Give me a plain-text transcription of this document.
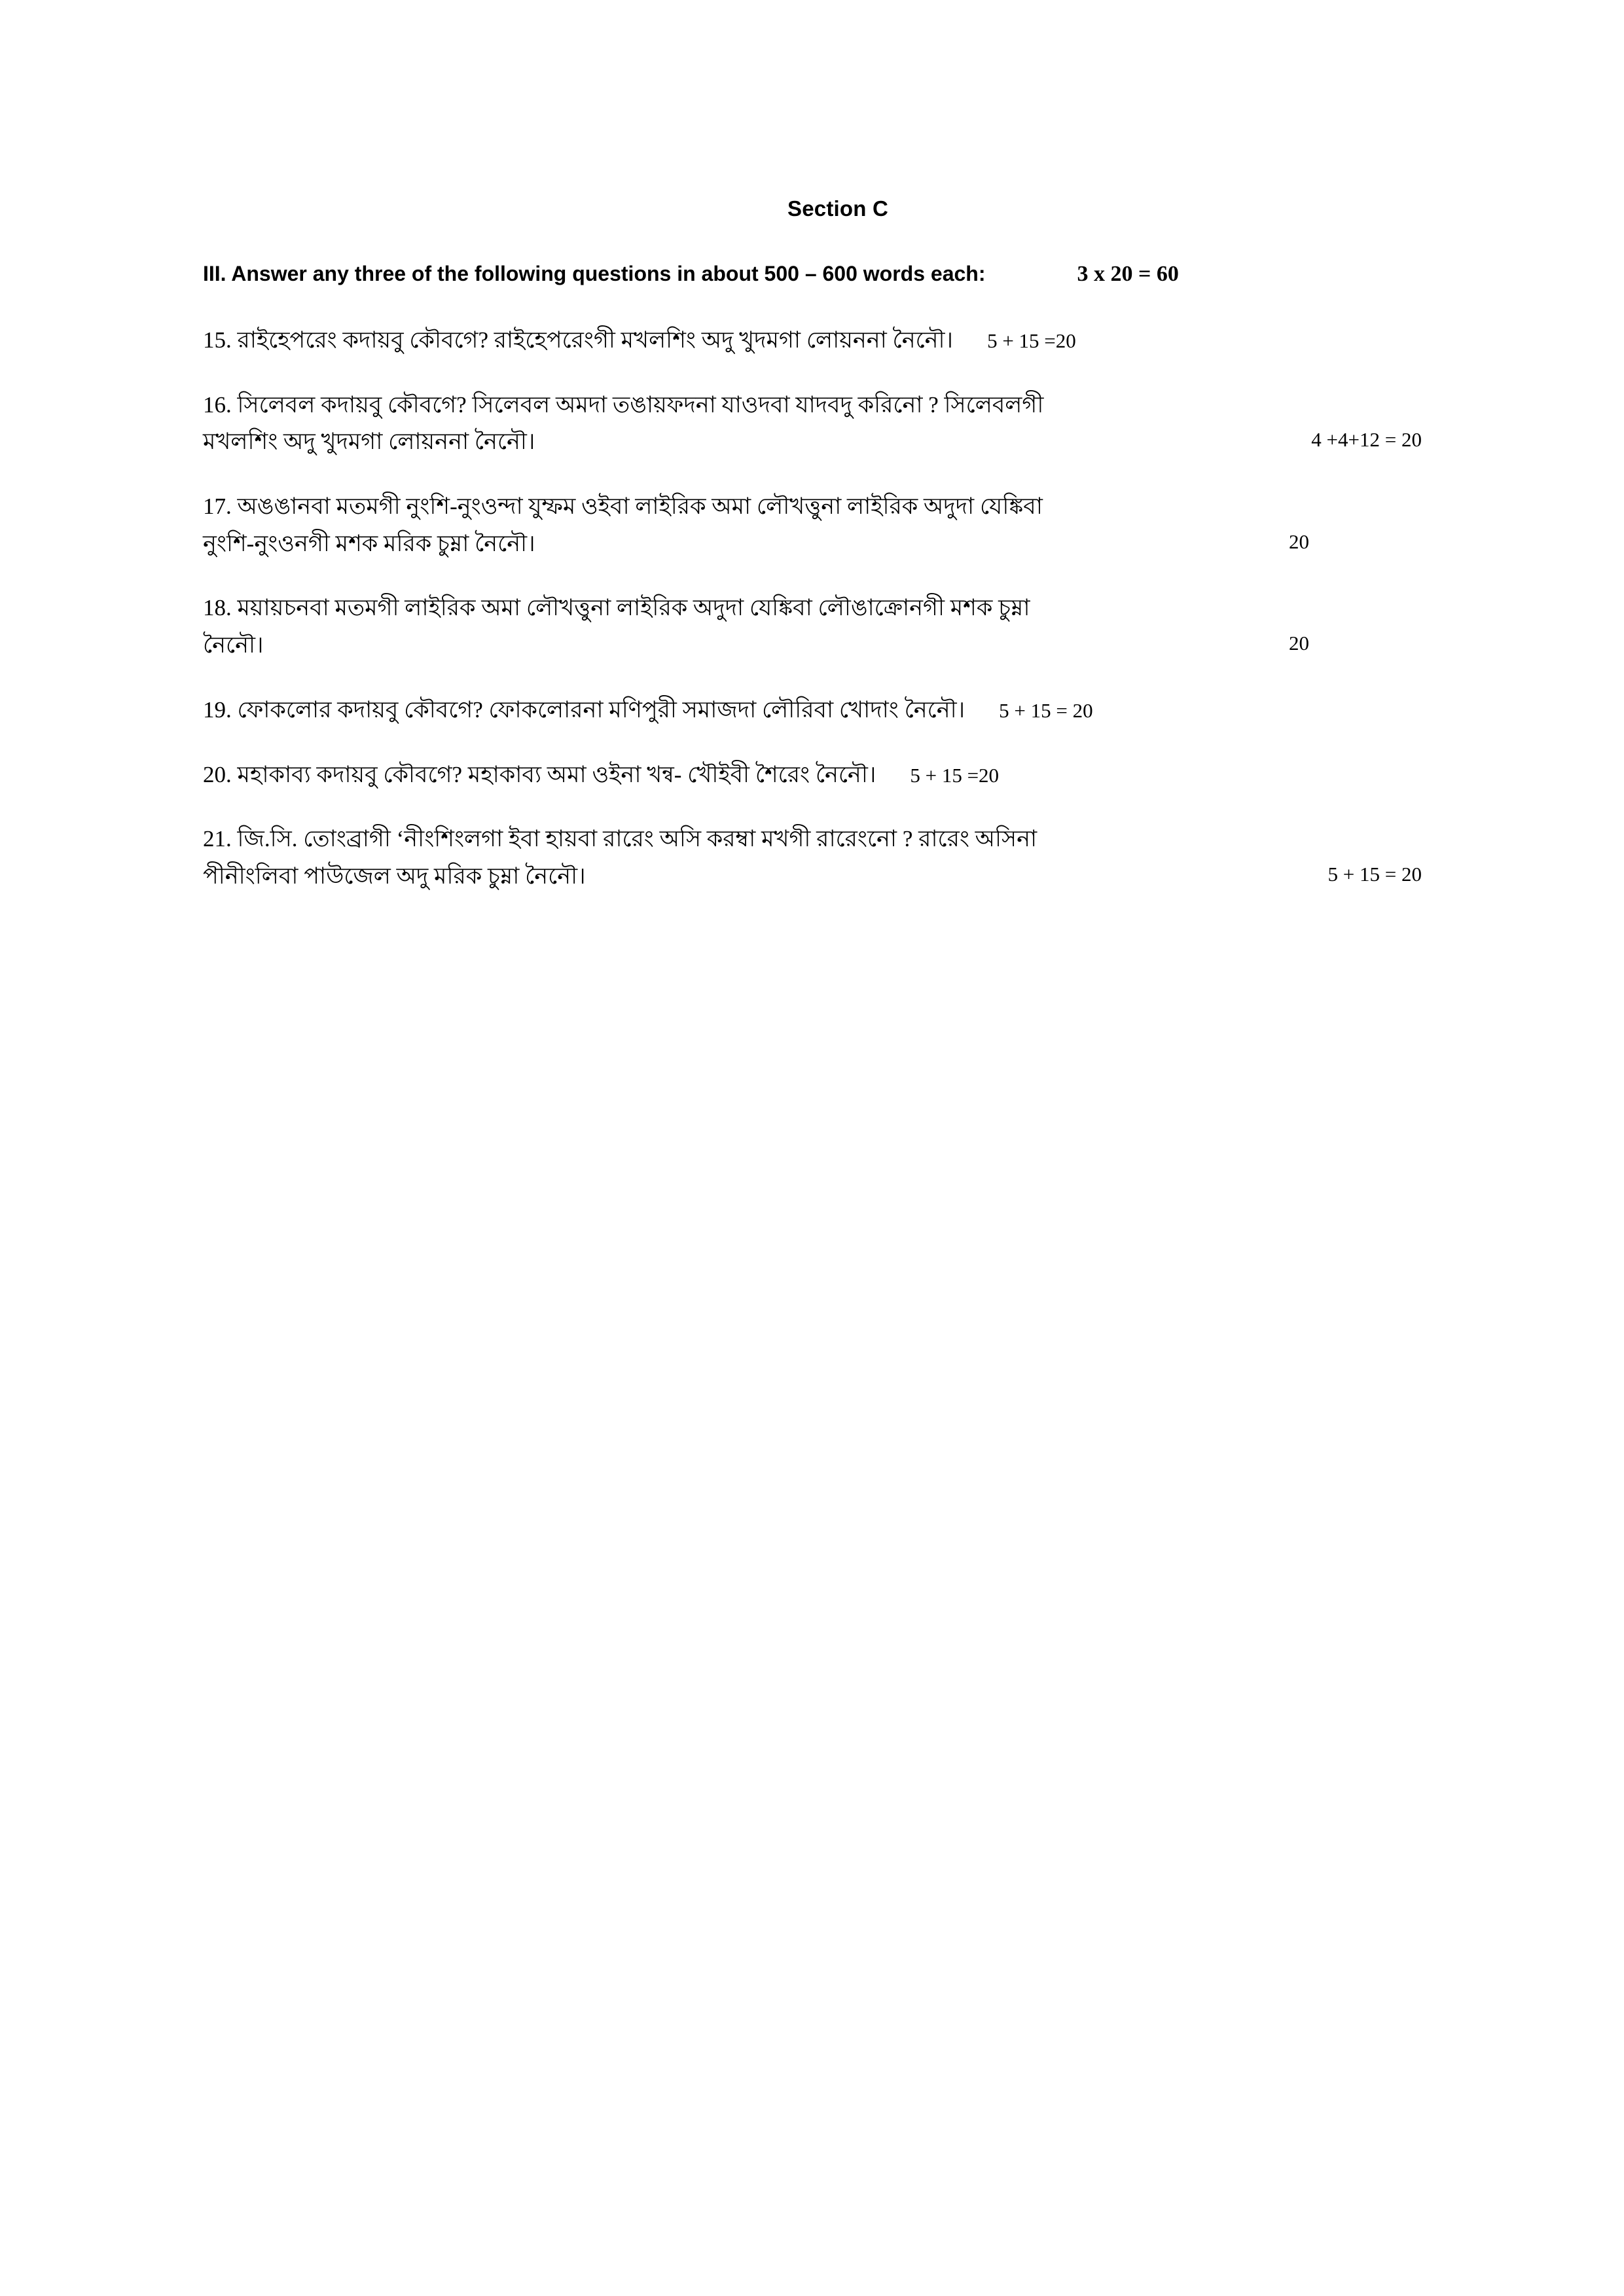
Section C
III. Answer any three of the following questions in about 500 – 600 words each:	3 x 20 = 60
15. রাইহেপরেং কদায়বু কৌবগে? রাইহেপরেংগী মখলশিং অদু খুদমগা লোয়ননা নৈনৌ। 5 + 15 =20
16. সিলেবল কদায়বু কৌবগে? সিলেবল অমদা তঙায়ফদনা যাওদবা যাদবদু করিনো ? সিলেবলগী
মখলশিং অদু খুদমগা লোয়ননা নৈনৌ।	4 +4+12 = 20
17. অঙঙানবা মতমগী নুংশি-নুংওন্দা যুম্ফম ওইবা লাইরিক অমা লৌখত্তুনা লাইরিক অদুদা যেঙ্কিবা
নুংশি-নুংওনগী মশক মরিক চুম্না নৈনৌ।	20
18. ময়ায়চনবা মতমগী লাইরিক অমা লৌখত্তুনা লাইরিক অদুদা যেঙ্কিবা লৌঙাক্রোনগী মশক চুম্না
নৈনৌ।	20
19. ফোকলোর কদায়বু কৌবগে? ফোকলোরনা মণিপুরী সমাজদা লৌরিবা খোদাং নৈনৌ। 5 + 15 = 20
20. মহাকাব্য কদায়বু কৌবগে? মহাকাব্য অমা ওইনা খন্ব- খৌইবী শৈরেং নৈনৌ। 5 + 15 =20
21. জি.সি. তোংব্রাগী ‘নীংশিংলগা ইবা হায়বা রারেং অসি করম্বা মখগী রারেংনো ? রারেং অসিনা
পীনীংলিবা পাউজেল অদু মরিক চুম্না নৈনৌ।	5 + 15 = 20
